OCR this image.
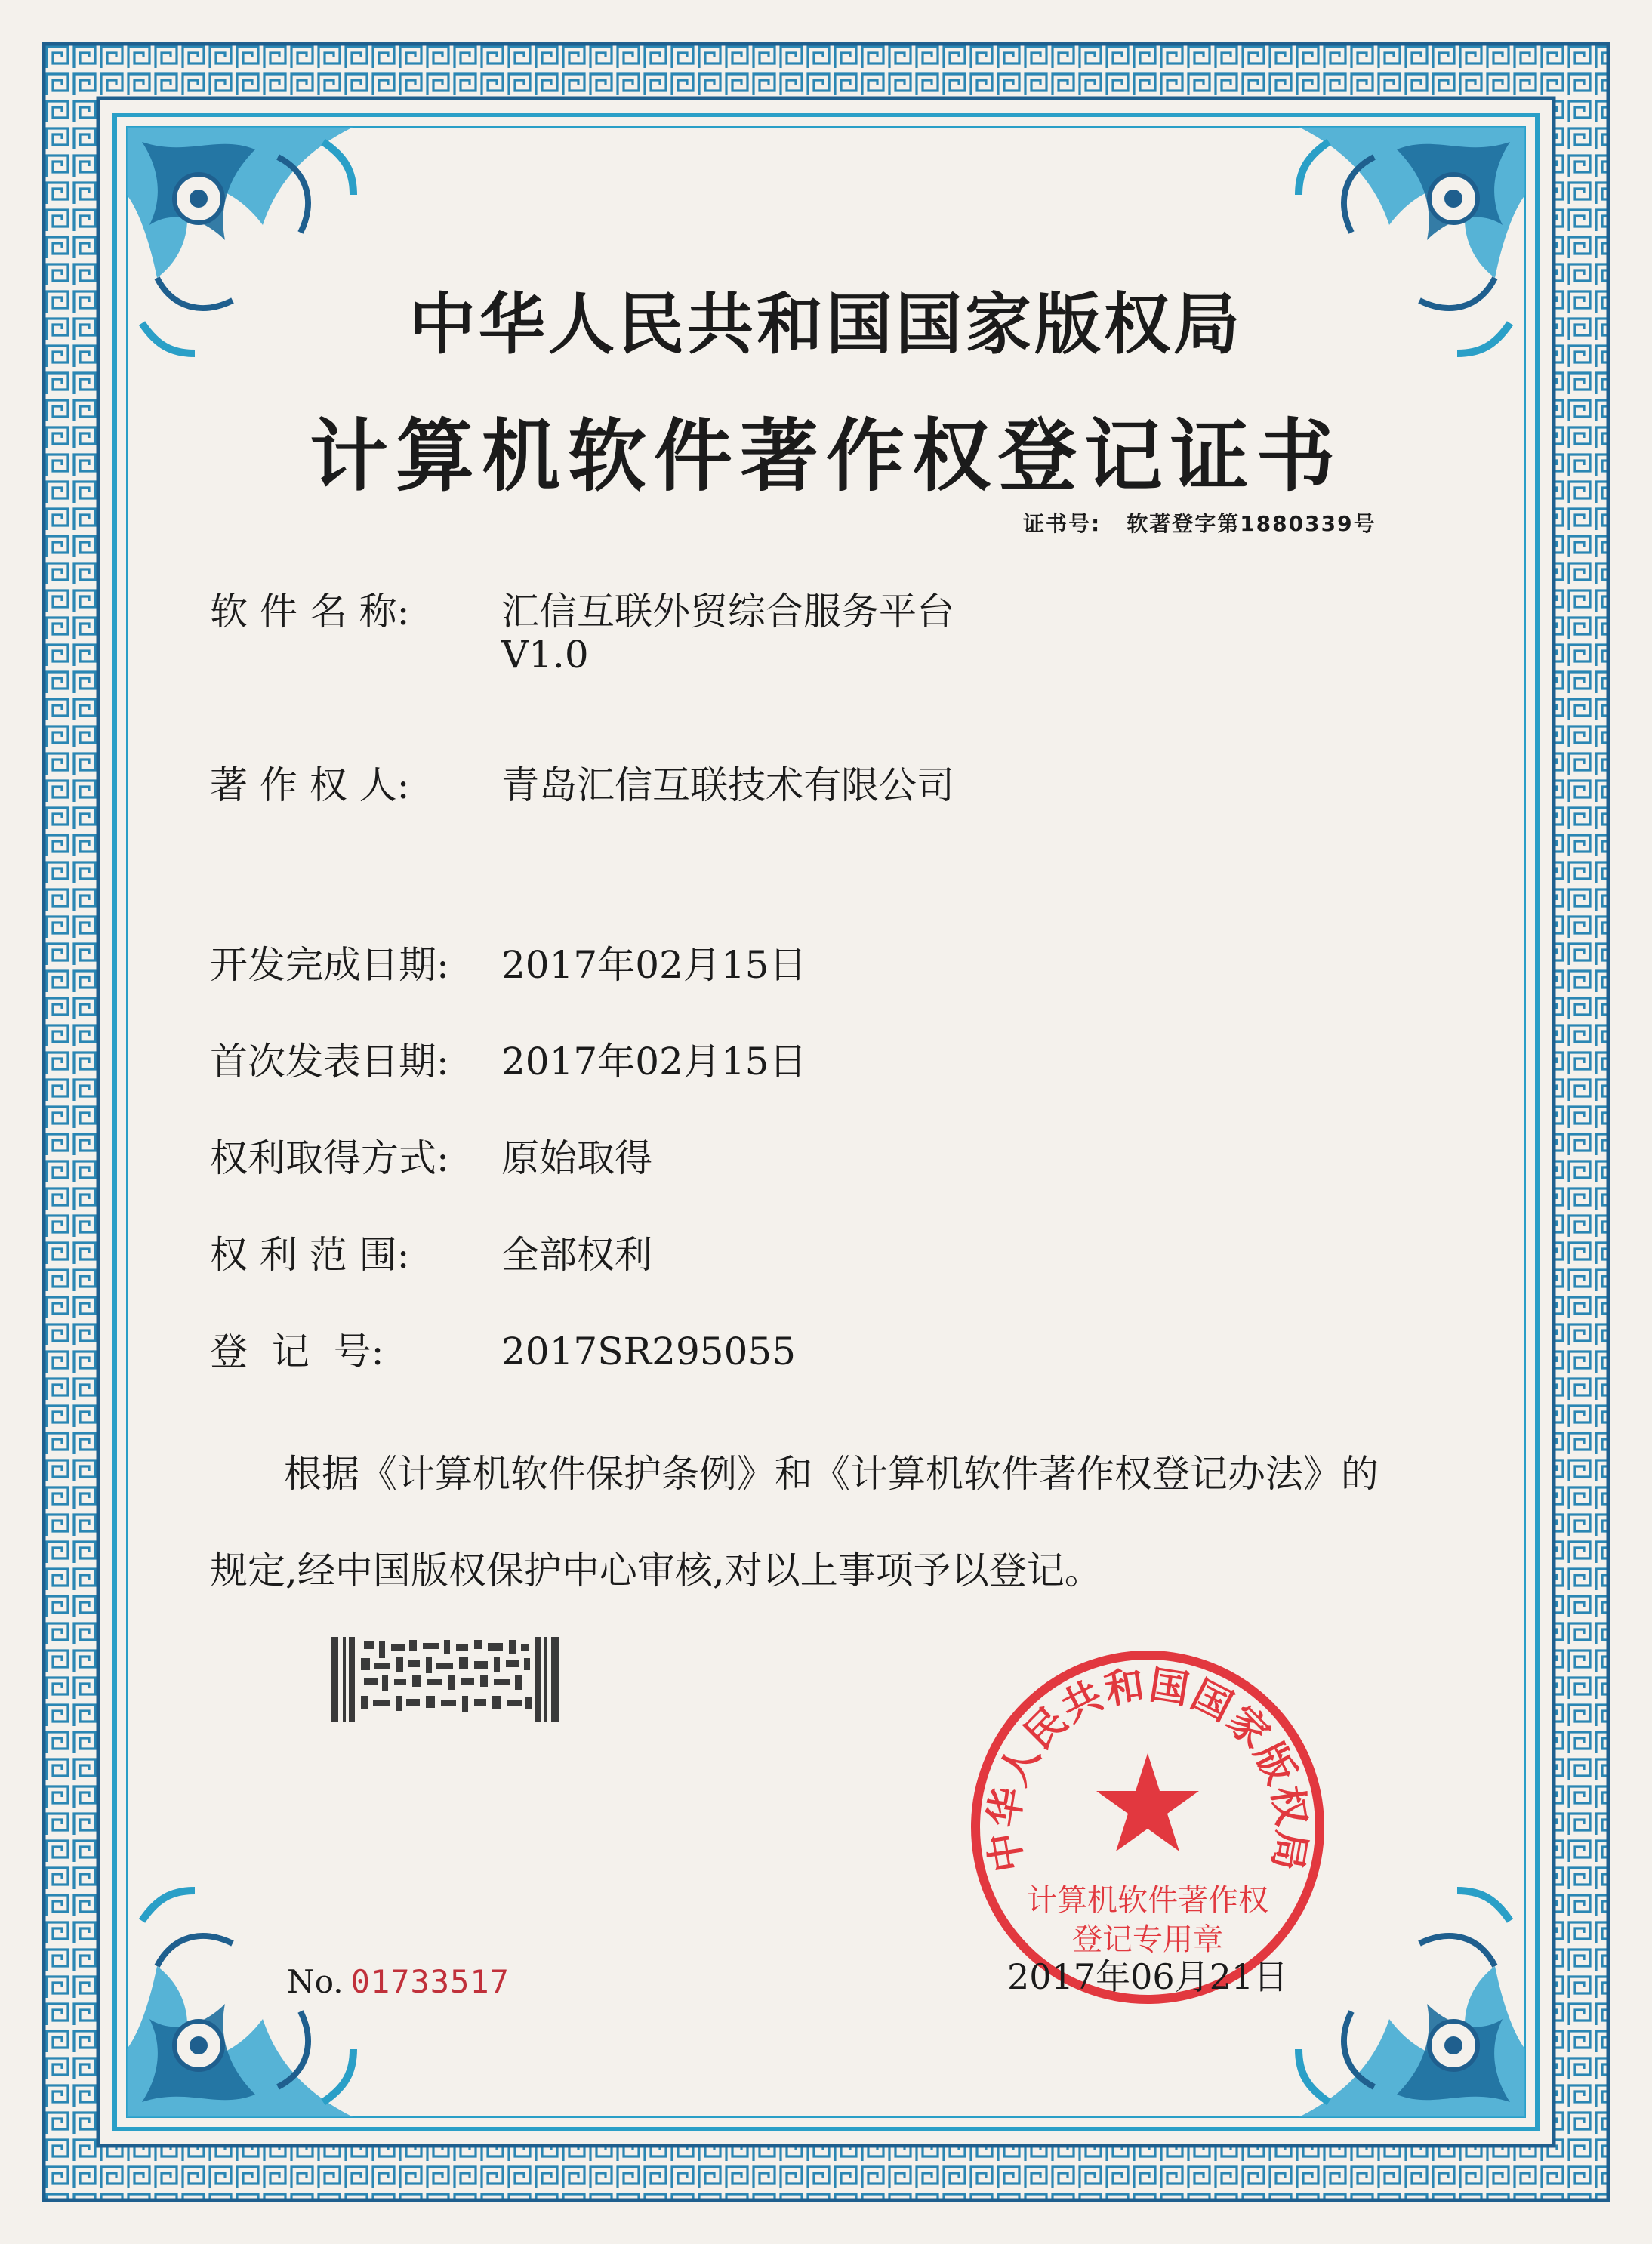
中华人民共和国国家版权局
计算机软件著作权登记证书
证书号: 软著登字第1880339号
软 件 名 称: 汇信互联外贸综合服务平台
V1.0
著 作 权 人: 青岛汇信互联技术有限公司
开发完成日期: 2017年02月15日
首次发表日期: 2017年02月15日
权利取得方式: 原始取得
权 利 范 围: 全部权利
登  记  号:	2017SR295055
根据《计算机软件保护条例》和《计算机软件著作权登记办法》的
规定,经中国版权保护中心审核,对以上事项予以登记。
中华人民共和国国家版权局
计算机软件著作权
登记专用章
No. 01733517	2017年06月21日
